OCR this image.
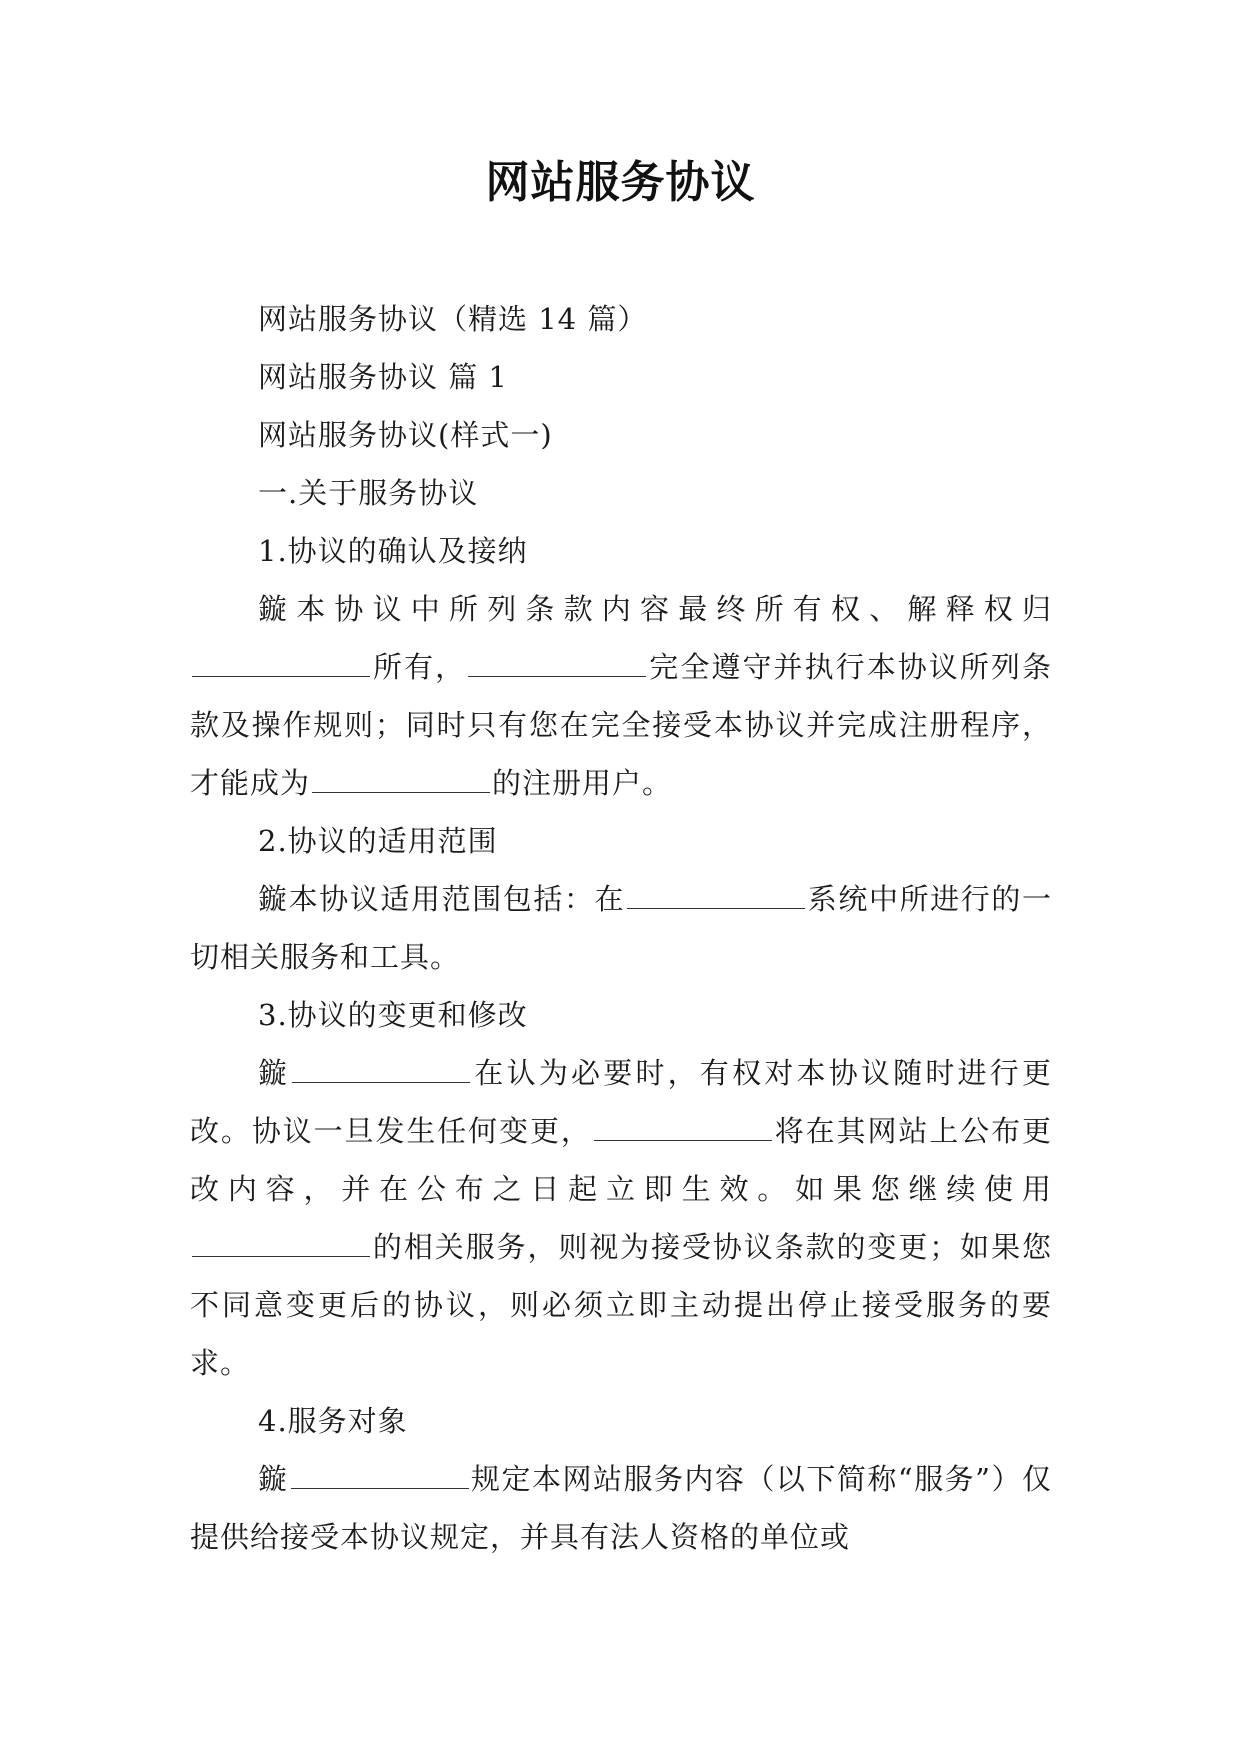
网站服务协议

网站服务协议（精选 14 篇）

网站服务协议 篇 1

网站服务协议(样式一)

一.关于服务协议

1.协议的确认及接纳

鏇本协议中所列条款内容最终所有权、解释权归所有，	完全遵守并执行本协议所列条款及操作规则；同时只有您在完全接受本协议并完成注册程序，才能成为	的注册用户。

2.协议的适用范围

鏇本协议适用范围包括：在	系统中所进行的一切相关服务和工具。

3.协议的变更和修改

鏇	在认为必要时，有权对本协议随时进行更改。协议一旦发生任何变更，	将在其网站上公布更改内容，并在公布之日起立即生效。如果您继续使用的相关服务，则视为接受协议条款的变更；如果您不同意变更后的协议，则必须立即主动提出停止接受服务的要求。

4.服务对象

鏇	规定本网站服务内容（以下简称“服务”）仅提供给接受本协议规定，并具有法人资格的单位或
